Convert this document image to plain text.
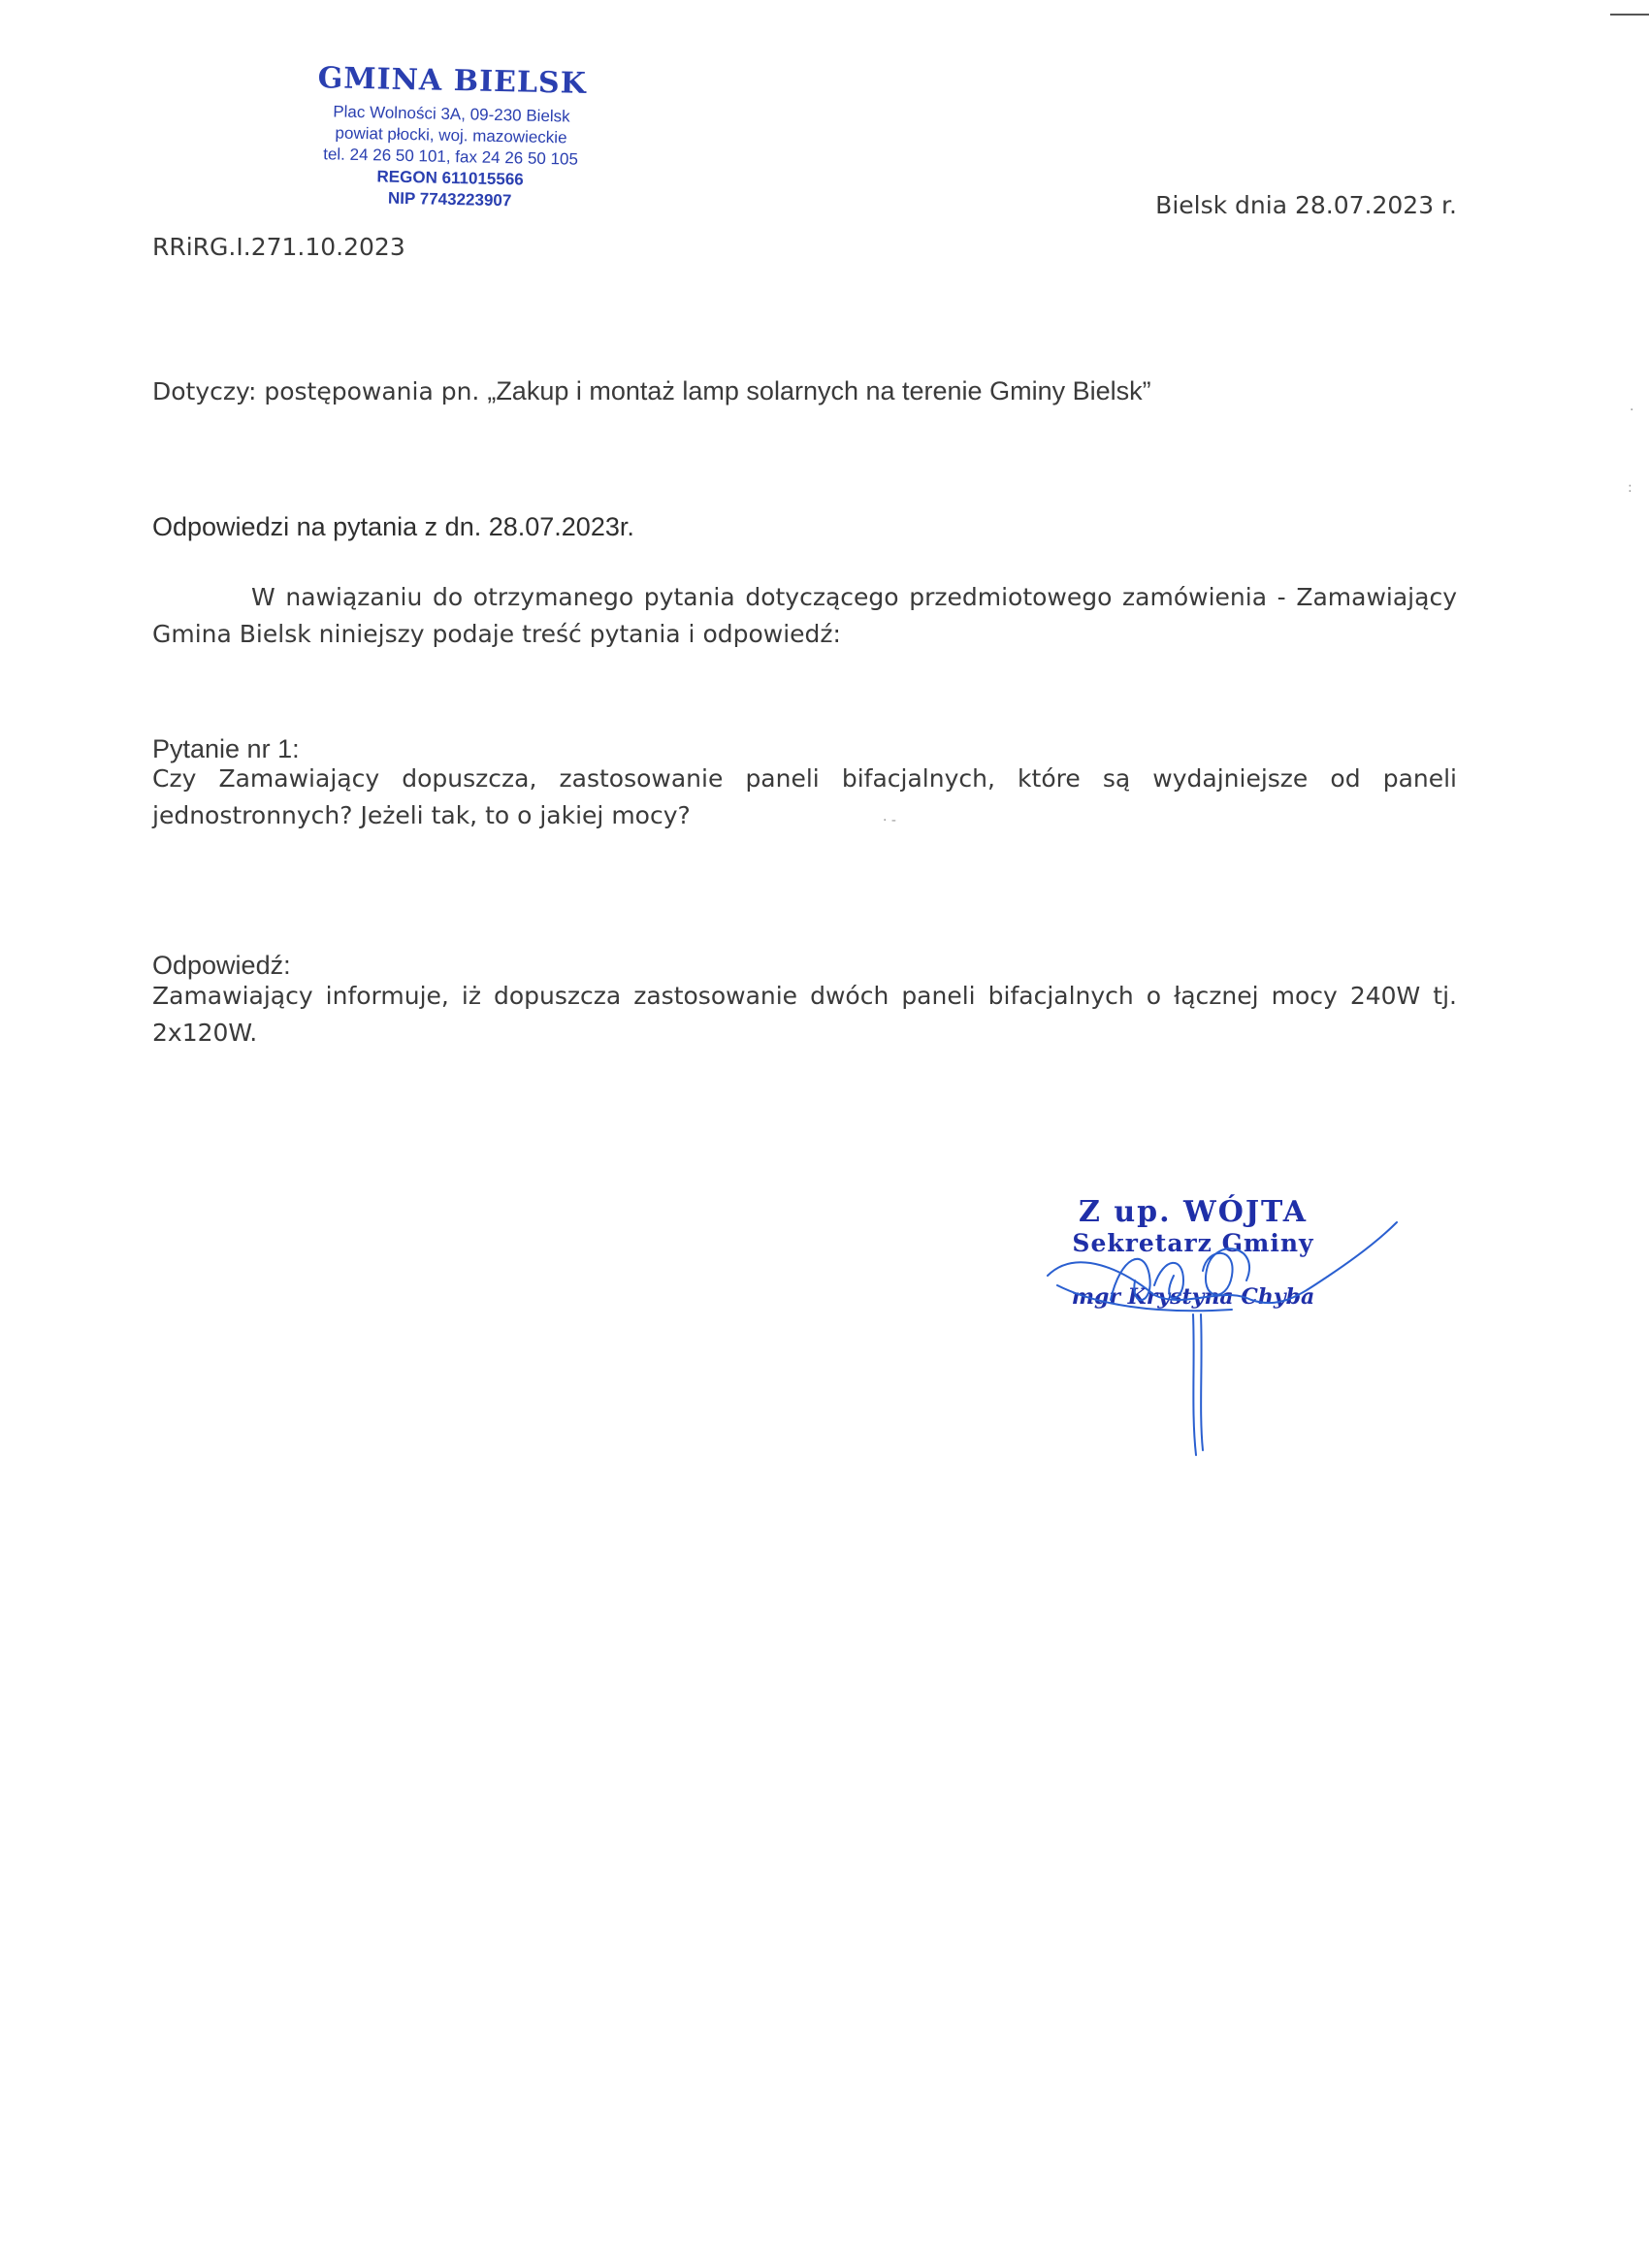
GMINA BIELSK
Plac Wolności 3A, 09-230 Bielsk
powiat płocki, woj. mazowieckie
tel. 24 26 50 101, fax 24 26 50 105
REGON 611015566
NIP 7743223907
RRiRG.I.271.10.2023
Bielsk dnia 28.07.2023 r.
Dotyczy: postępowania pn. „Zakup i montaż lamp solarnych na terenie Gminy Bielsk”
Odpowiedzi na pytania z dn. 28.07.2023r.
W nawiązaniu do otrzymanego pytania dotyczącego przedmiotowego zamówienia - Zamawiający Gmina Bielsk niniejszy podaje treść pytania i odpowiedź:
Pytanie nr 1:
Czy Zamawiający dopuszcza, zastosowanie paneli bifacjalnych, które są wydajniejsze od paneli jednostronnych? Jeżeli tak, to o jakiej mocy?
Odpowiedź:
Zamawiający informuje, iż dopuszcza zastosowanie dwóch paneli bifacjalnych o łącznej mocy 240W tj. 2x120W.
Z up. WÓJTA
Sekretarz Gminy
mgr Krystyna Chyba
·
:
· -
